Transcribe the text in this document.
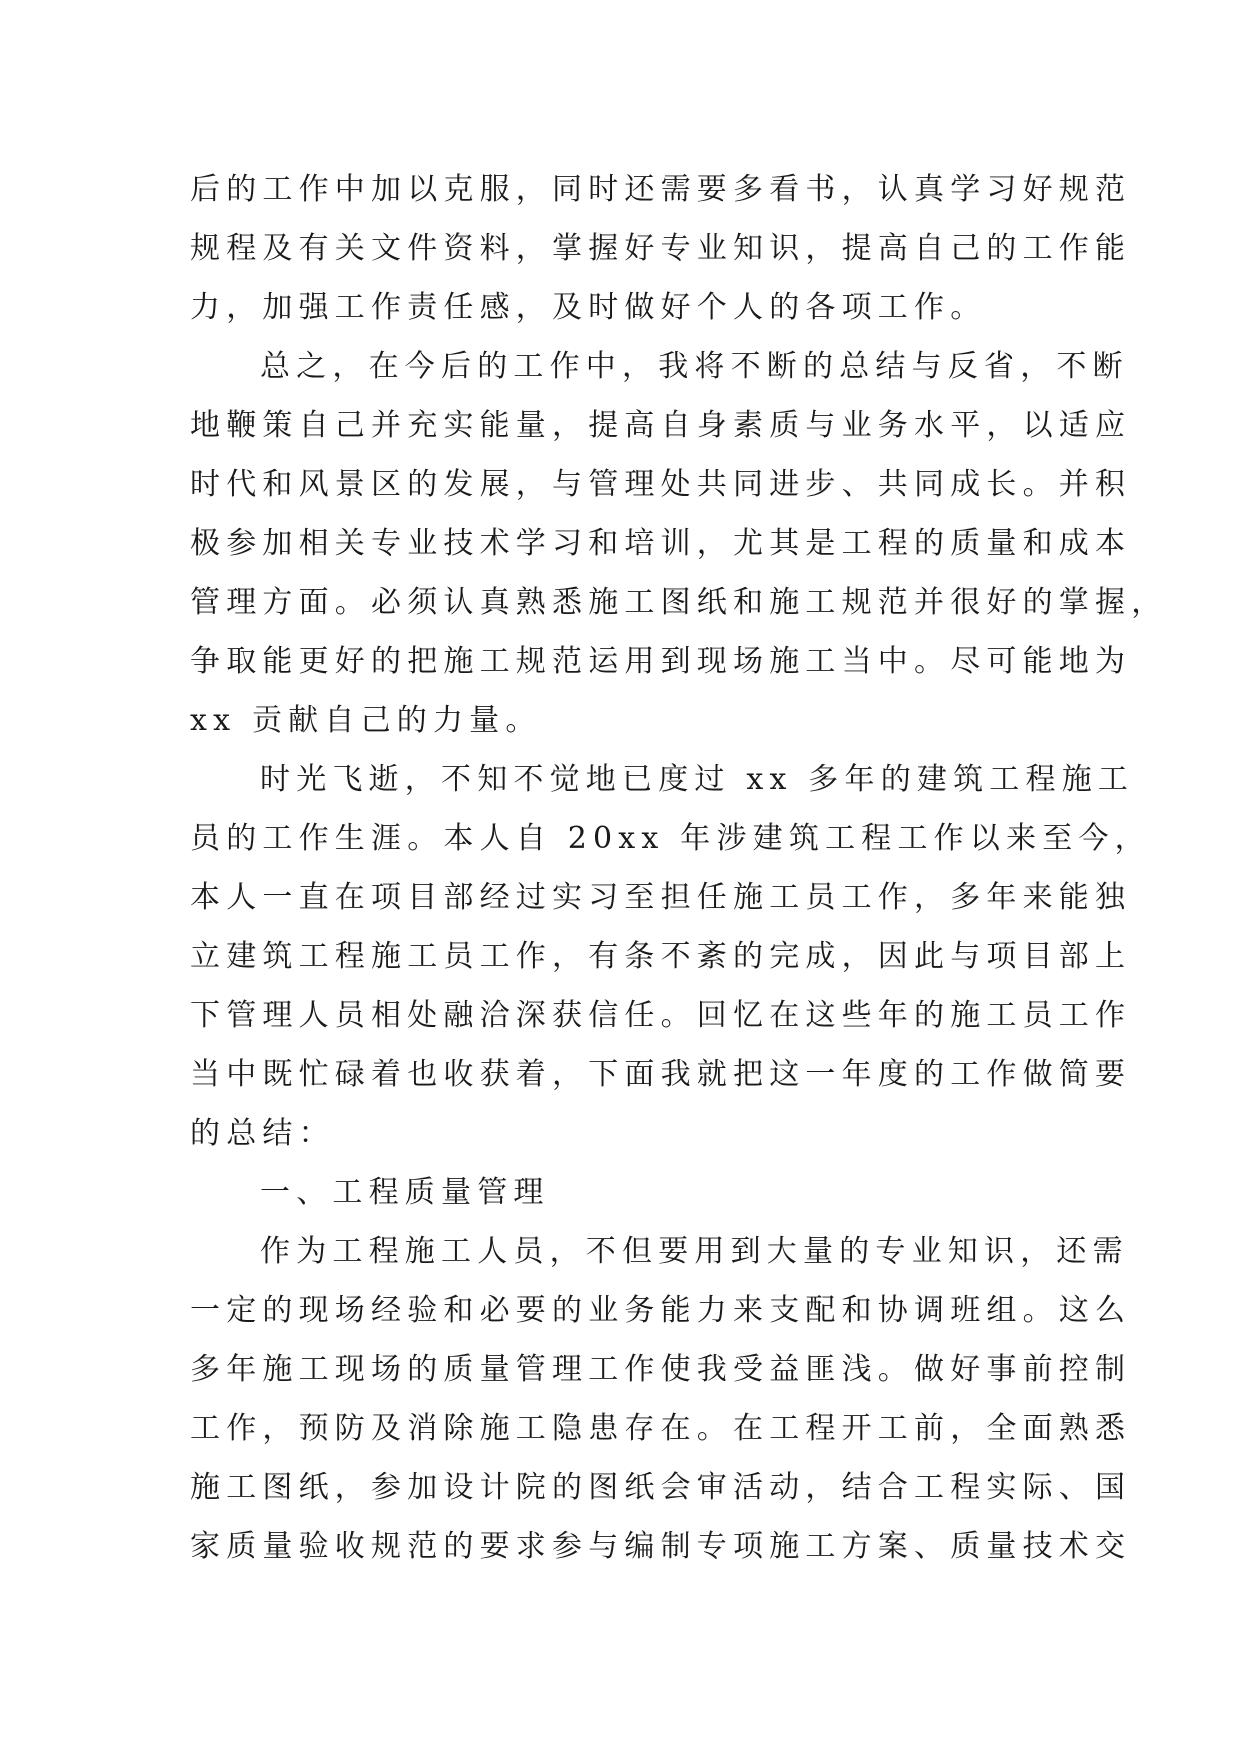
后的工作中加以克服，同时还需要多看书，认真学习好规范
规程及有关文件资料，掌握好专业知识，提高自己的工作能
力，加强工作责任感，及时做好个人的各项工作。
总之，在今后的工作中，我将不断的总结与反省，不断
地鞭策自己并充实能量，提高自身素质与业务水平，以适应
时代和风景区的发展，与管理处共同进步、共同成长。并积
极参加相关专业技术学习和培训，尤其是工程的质量和成本
管理方面。必须认真熟悉施工图纸和施工规范并很好的掌握，
争取能更好的把施工规范运用到现场施工当中。尽可能地为
xx 贡献自己的力量。
时光飞逝，不知不觉地已度过 xx 多年的建筑工程施工
员的工作生涯。本人自 20xx 年涉建筑工程工作以来至今，
本人一直在项目部经过实习至担任施工员工作，多年来能独
立建筑工程施工员工作，有条不紊的完成，因此与项目部上
下管理人员相处融洽深获信任。回忆在这些年的施工员工作
当中既忙碌着也收获着，下面我就把这一年度的工作做简要
的总结：
一、工程质量管理
作为工程施工人员，不但要用到大量的专业知识，还需
一定的现场经验和必要的业务能力来支配和协调班组。这么
多年施工现场的质量管理工作使我受益匪浅。做好事前控制
工作，预防及消除施工隐患存在。在工程开工前，全面熟悉
施工图纸，参加设计院的图纸会审活动，结合工程实际、国
家质量验收规范的要求参与编制专项施工方案、质量技术交
